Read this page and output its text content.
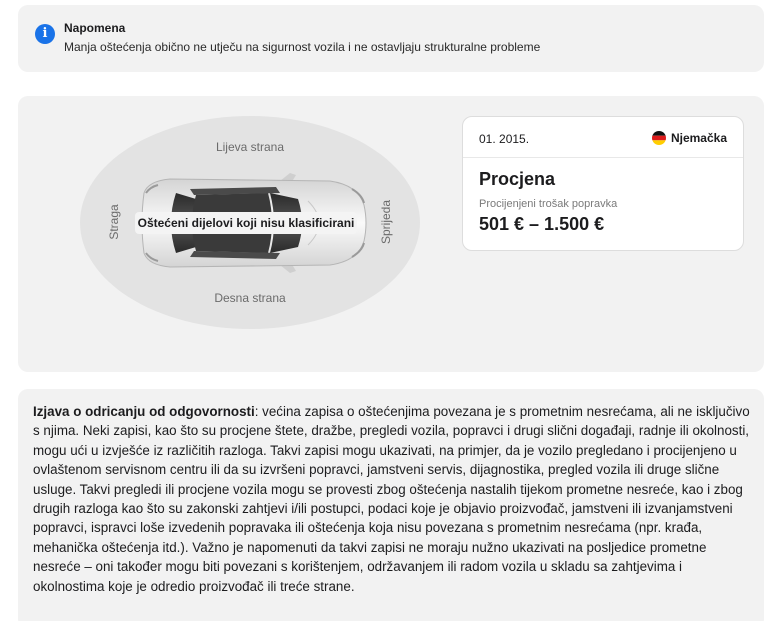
i	Napomena
Manja oštećenja obično ne utječu na sigurnost vozila i ne ostavljaju strukturalne probleme
Lijeva strana
Desna strana
Straga	Sprijeda
Oštećeni dijelovi koji nisu klasificirani
01. 2015.	Njemačka
Procjena
Procijenjeni trošak popravka
501 € – 1.500 €

Izjava o odricanju od odgovornosti: većina zapisa o oštećenjima povezana je s prometnim nesrećama, ali ne isključivo s njima. Neki zapisi, kao što su procjene štete, dražbe, pregledi vozila, popravci i drugi slični događaji, radnje ili okolnosti, mogu ući u izvješće iz različitih razloga. Takvi zapisi mogu ukazivati, na primjer, da je vozilo pregledano i procijenjeno u ovlaštenom servisnom centru ili da su izvršeni popravci, jamstveni servis, dijagnostika, pregled vozila ili druge slične usluge. Takvi pregledi ili procjene vozila mogu se provesti zbog oštećenja nastalih tijekom prometne nesreće, kao i zbog drugih razloga kao što su zakonski zahtjevi i/ili postupci, podaci koje je objavio proizvođač, jamstveni ili izvanjamstveni popravci, ispravci loše izvedenih popravaka ili oštećenja koja nisu povezana s prometnim nesrećama (npr. krađa, mehanička oštećenja itd.). Važno je napomenuti da takvi zapisi ne moraju nužno ukazivati na posljedice prometne nesreće – oni također mogu biti povezani s korištenjem, održavanjem ili radom vozila u skladu sa zahtjevima i okolnostima koje je odredio proizvođač ili treće strane.
